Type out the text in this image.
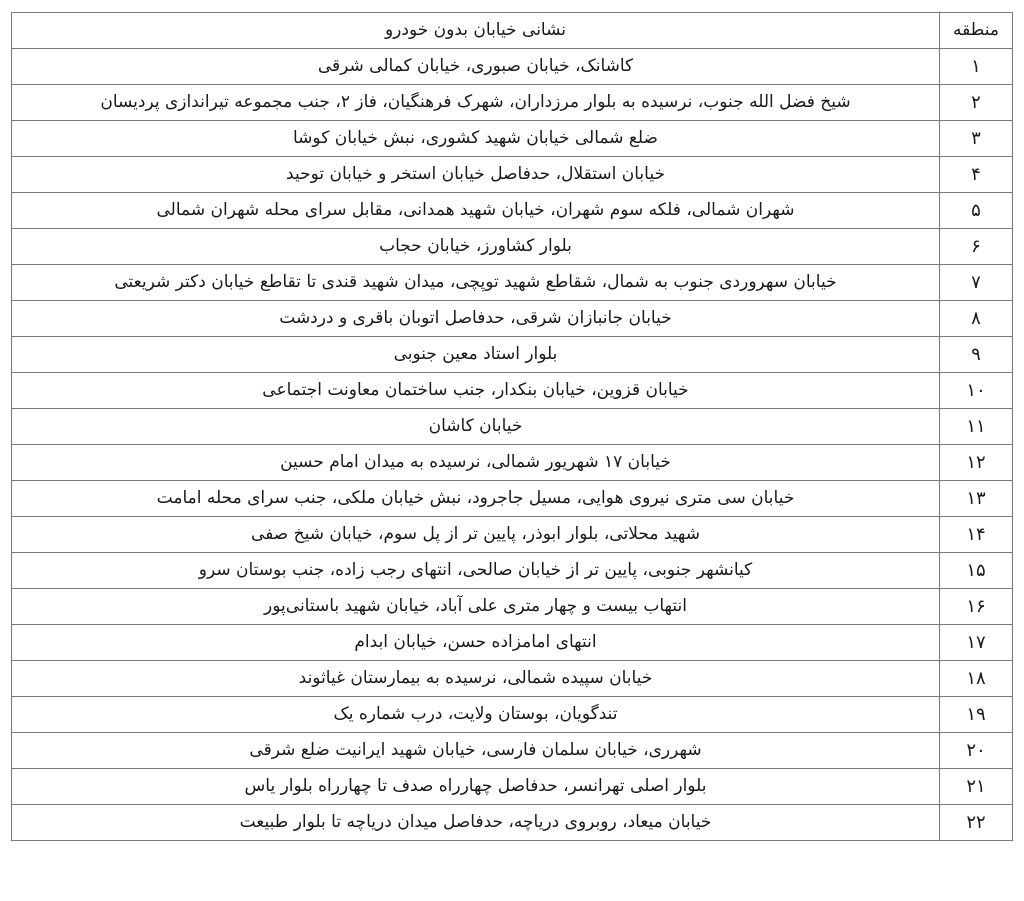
منطقه	نشانی خیابان بدون خودرو
۱	کاشانک، خیابان صبوری، خیابان کمالی شرقی
۲	شیخ فضل الله جنوب، نرسیده به بلوار مرزداران، شهرک فرهنگیان، فاز ۲، جنب مجموعه تیراندازی پردیسان
۳	ضلع شمالی خیابان شهید کشوری، نبش خیابان کوشا
۴	خیابان استقلال، حدفاصل خیابان استخر و خیابان توحید
۵	شهران شمالی، فلکه سوم شهران، خیابان شهید همدانی، مقابل سرای محله شهران شمالی
۶	بلوار کشاورز، خیابان حجاب
۷	خیابان سهروردی جنوب به شمال، شقاطع شهید توپچی، میدان شهید قندی تا تقاطع خیابان دکتر شریعتی
۸	خیابان جانبازان شرقی، حدفاصل اتوبان باقری و دردشت
۹	بلوار استاد معین جنوبی
۱۰	خیابان قزوین، خیابان بنکدار، جنب ساختمان معاونت اجتماعی
۱۱	خیابان کاشان
۱۲	خیابان ۱۷ شهریور شمالی، نرسیده به میدان امام حسین
۱۳	خیابان سی متری نیروی هوایی، مسیل جاجرود، نبش خیابان ملکی، جنب سرای محله امامت
۱۴	شهید محلاتی، بلوار ابوذر، پایین تر از پل سوم، خیابان شیخ صفی
۱۵	کیانشهر جنوبی، پایین تر از خیابان صالحی، انتهای رجب زاده، جنب بوستان سرو
۱۶	انتهاب بیست و چهار متری علی آباد، خیابان شهید باستانی‌پور
۱۷	انتهای امامزاده حسن، خیابان ابدام
۱۸	خیابان سپیده شمالی، نرسیده به بیمارستان غیاثوند
۱۹	تندگویان، بوستان ولایت، درب شماره یک
۲۰	شهرری، خیابان سلمان فارسی، خیابان شهید ایرانیت ضلع شرقی
۲۱	بلوار اصلی تهرانسر، حدفاصل چهارراه صدف تا چهارراه بلوار یاس
۲۲	خیابان میعاد، روبروی دریاچه، حدفاصل میدان دریاچه تا بلوار طبیعت
